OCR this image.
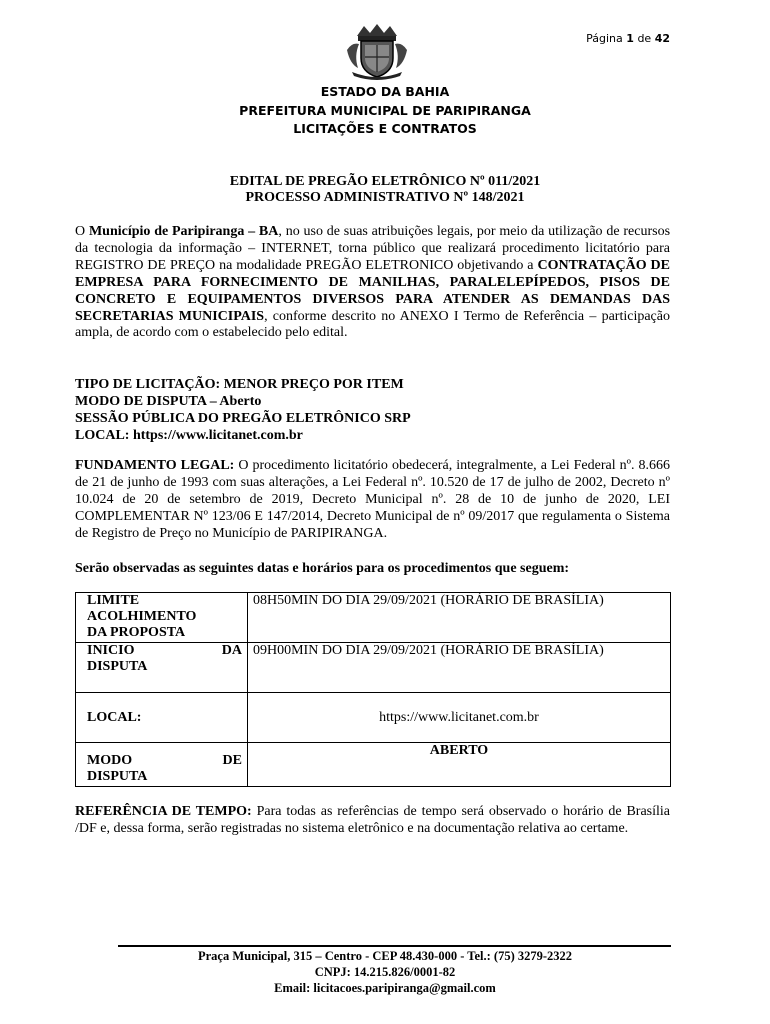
Página 1 de 42
ESTADO DA BAHIA
PREFEITURA MUNICIPAL DE PARIPIRANGA
LICITAÇÕES E CONTRATOS
EDITAL DE PREGÃO ELETRÔNICO Nº 011/2021
PROCESSO ADMINISTRATIVO Nº 148/2021
O Município de Paripiranga – BA, no uso de suas atribuições legais, por meio da utilização de recursos da tecnologia da informação – INTERNET, torna público que realizará procedimento licitatório para REGISTRO DE PREÇO na modalidade PREGÃO ELETRONICO objetivando a CONTRATAÇÃO DE EMPRESA PARA FORNECIMENTO DE MANILHAS, PARALELEPÍPEDOS, PISOS DE CONCRETO E EQUIPAMENTOS DIVERSOS PARA ATENDER AS DEMANDAS DAS SECRETARIAS MUNICIPAIS, conforme descrito no ANEXO I Termo de Referência – participação ampla, de acordo com o estabelecido pelo edital.
TIPO DE LICITAÇÃO: MENOR PREÇO POR ITEM
MODO DE DISPUTA – Aberto
SESSÃO PÚBLICA DO PREGÃO ELETRÔNICO SRP
LOCAL: https://www.licitanet.com.br
FUNDAMENTO LEGAL: O procedimento licitatório obedecerá, integralmente, a Lei Federal nº. 8.666 de 21 de junho de 1993 com suas alterações, a Lei Federal nº. 10.520 de 17 de julho de 2002, Decreto nº 10.024 de 20 de setembro de 2019, Decreto Municipal nº. 28 de 10 de junho de 2020, LEI COMPLEMENTAR Nº 123/06 E 147/2014, Decreto Municipal de nº 09/2017 que regulamenta o Sistema de Registro de Preço no Município de PARIPIRANGA.
Serão observadas as seguintes datas e horários para os procedimentos que seguem:
LIMITE
ACOLHIMENTO
DA PROPOSTA	08H50MIN DO DIA 29/09/2021 (HORÁRIO DE BRASÍLIA)

INICIO DA
DISPUTA	09H00MIN DO DIA 29/09/2021 (HORÁRIO DE BRASÍLIA)
LOCAL:	https://www.licitanet.com.br

MODO DE
DISPUTA	ABERTO
REFERÊNCIA DE TEMPO: Para todas as referências de tempo será observado o horário de Brasília /DF e, dessa forma, serão registradas no sistema eletrônico e na documentação relativa ao certame.
Praça Municipal, 315 – Centro - CEP 48.430-000 - Tel.: (75) 3279-2322
CNPJ: 14.215.826/0001-82
Email: licitacoes.paripiranga@gmail.com
